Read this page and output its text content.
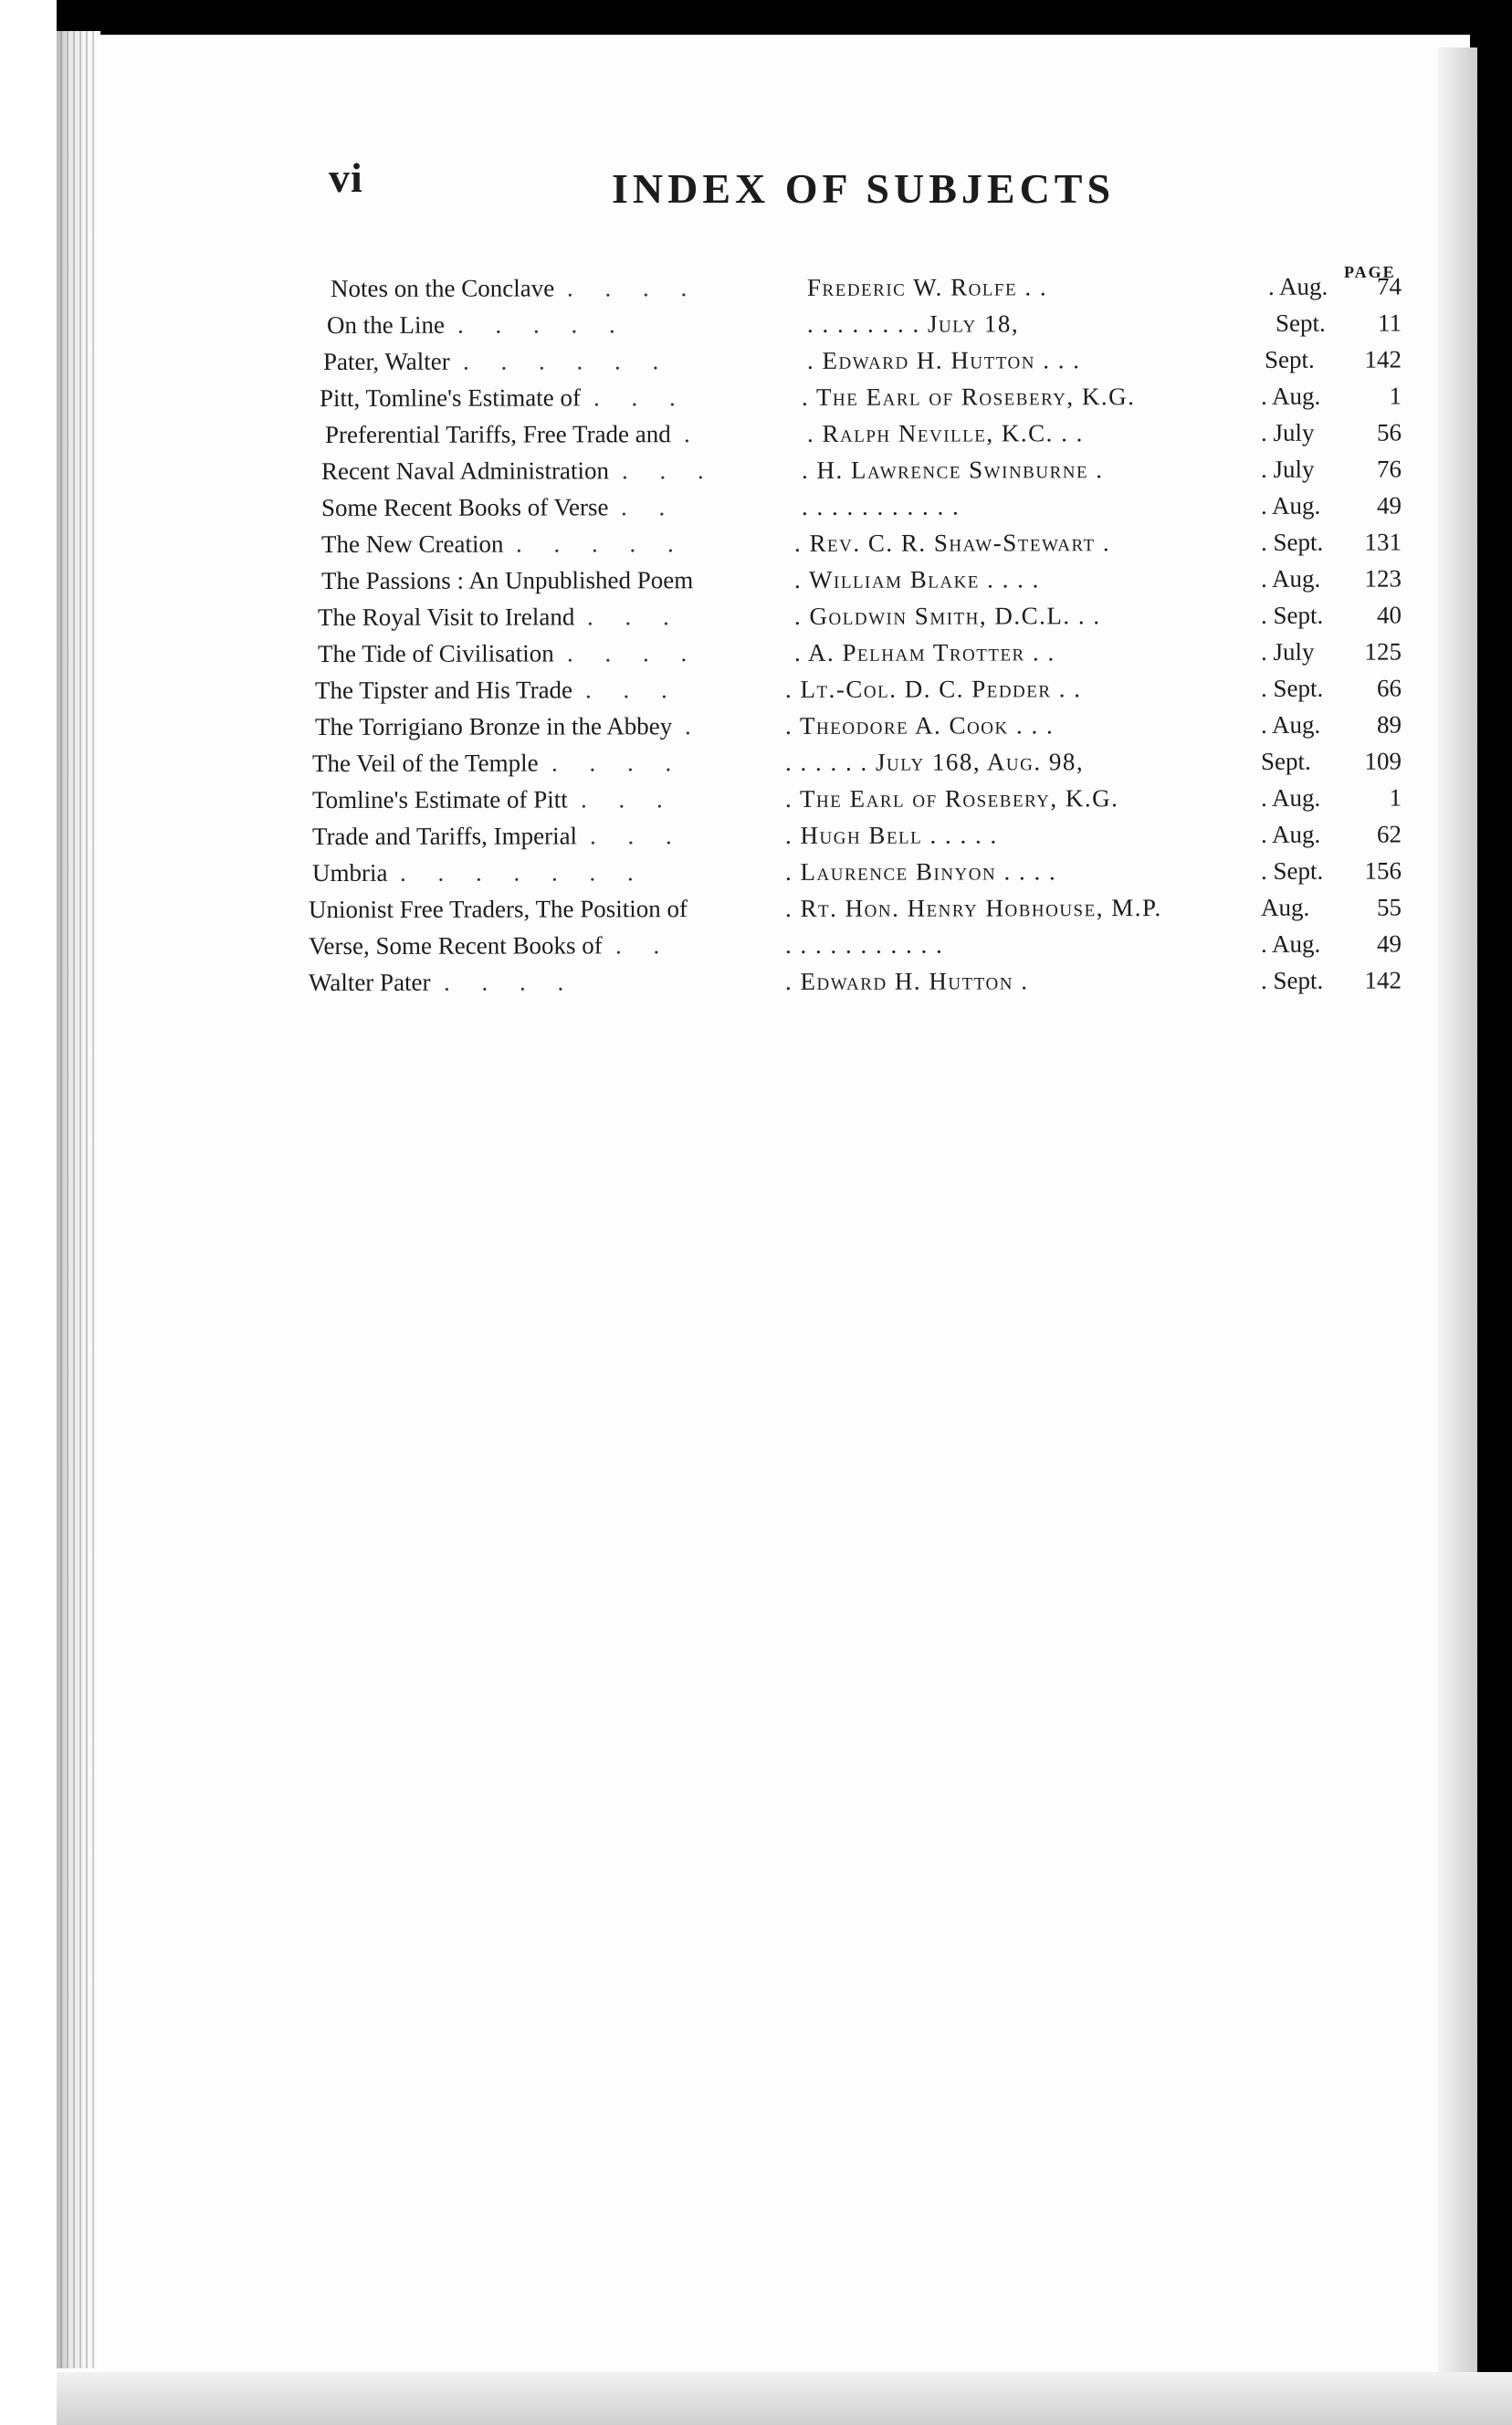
vi	INDEX OF SUBJECTS
PAGE
Notes on the Conclave . . . .	Frederic W. Rolfe . .	. Aug. 74
On the Line . . . . .	. . . . . . . . July 18,	Sept. 11
Pater, Walter . . . . . .	. Edward H. Hutton . . .	Sept. 142
Pitt, Tomline's Estimate of . . .	. The Earl of Rosebery, K.G.	. Aug.	1
Preferential Tariffs, Free Trade and .	. Ralph Neville, K.C. . .	. July	56
Recent Naval Administration . . .	. H. Lawrence Swinburne .	. July	76
Some Recent Books of Verse . .	. . . . . . . . . . .	. Aug. 49
The New Creation . . . . .	. Rev. C. R. Shaw-Stewart .	. Sept. 131
The Passions : An Unpublished Poem	. William Blake . . . .	. Aug. 123
The Royal Visit to Ireland . . .	. Goldwin Smith, D.C.L. . .	. Sept. 40
The Tide of Civilisation . . . .	. A. Pelham Trotter . .	. July 125
The Tipster and His Trade . . .	. Lt.-Col. D. C. Pedder . .	. Sept. 66
The Torrigiano Bronze in the Abbey .	. Theodore A. Cook . . .	. Aug. 89
The Veil of the Temple . . . .	. . . . . . July 168, Aug. 98,	Sept. 109
Tomline's Estimate of Pitt . . .	. The Earl of Rosebery, K.G.	. Aug.	1
Trade and Tariffs, Imperial . . .	. Hugh Bell . . . . .	. Aug. 62
Umbria . . . . . . .	. Laurence Binyon . . . .	. Sept. 156
Unionist Free Traders, The Position of	. Rt. Hon. Henry Hobhouse, M.P.	Aug.	55
Verse, Some Recent Books of . .	. . . . . . . . . . .	. Aug. 49
Walter Pater . . . .	. Edward H. Hutton .	. Sept. 142
